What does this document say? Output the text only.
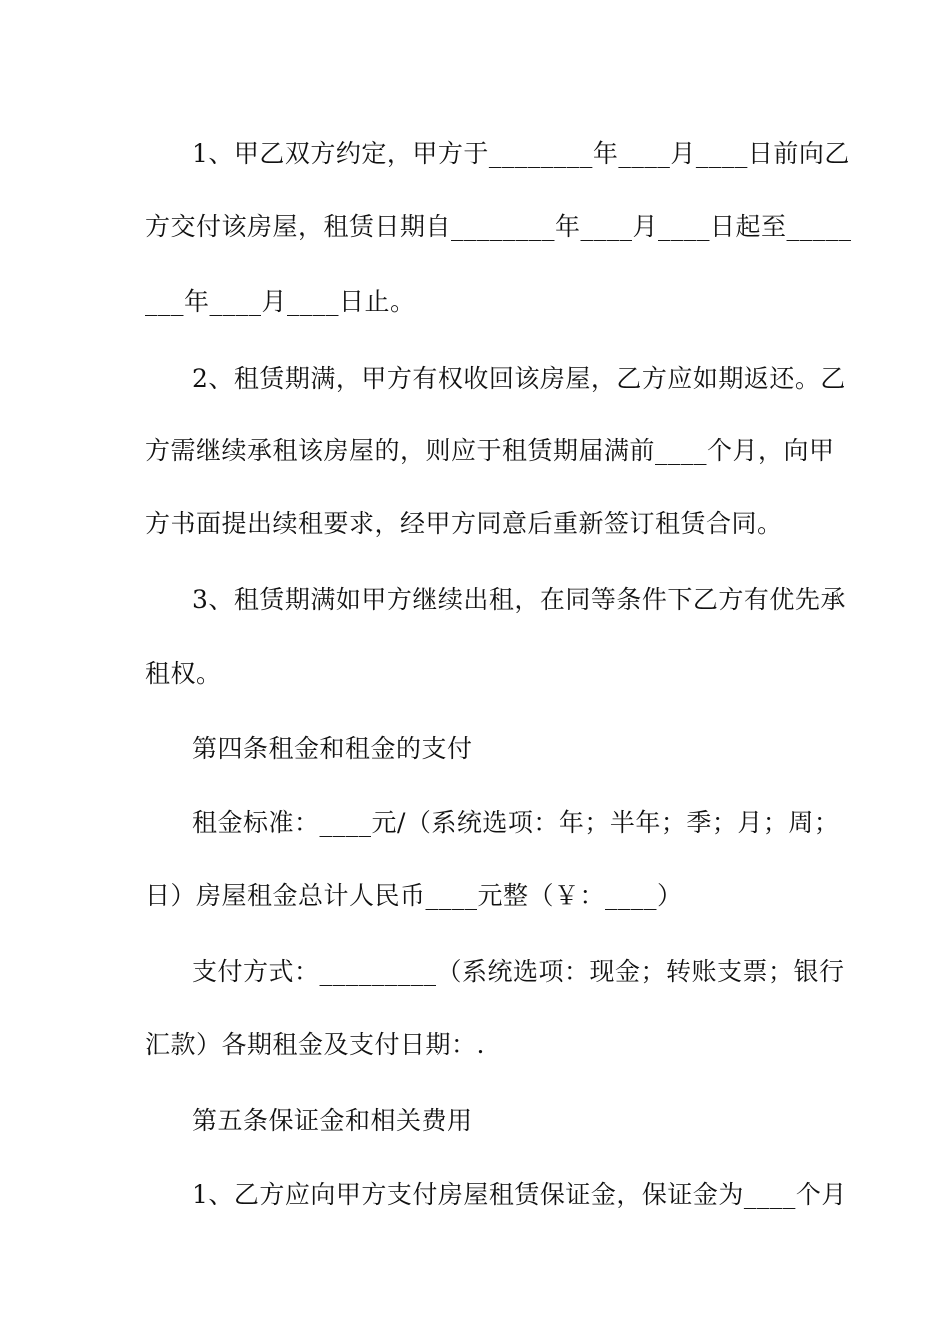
1、甲乙双方约定，甲方于________年____月____日前向乙
方交付该房屋，租赁日期自________年____月____日起至_____
___年____月____日止。
2、租赁期满，甲方有权收回该房屋，乙方应如期返还。乙
方需继续承租该房屋的，则应于租赁期届满前____个月，向甲
方书面提出续租要求，经甲方同意后重新签订租赁合同。
3、租赁期满如甲方继续出租，在同等条件下乙方有优先承
租权。
第四条租金和租金的支付
租金标准：____元/（系统选项：年；半年；季；月；周；
日）房屋租金总计人民币____元整（￥：____）
支付方式：_________（系统选项：现金；转账支票；银行
汇款）各期租金及支付日期：.
第五条保证金和相关费用
1、乙方应向甲方支付房屋租赁保证金，保证金为____个月
